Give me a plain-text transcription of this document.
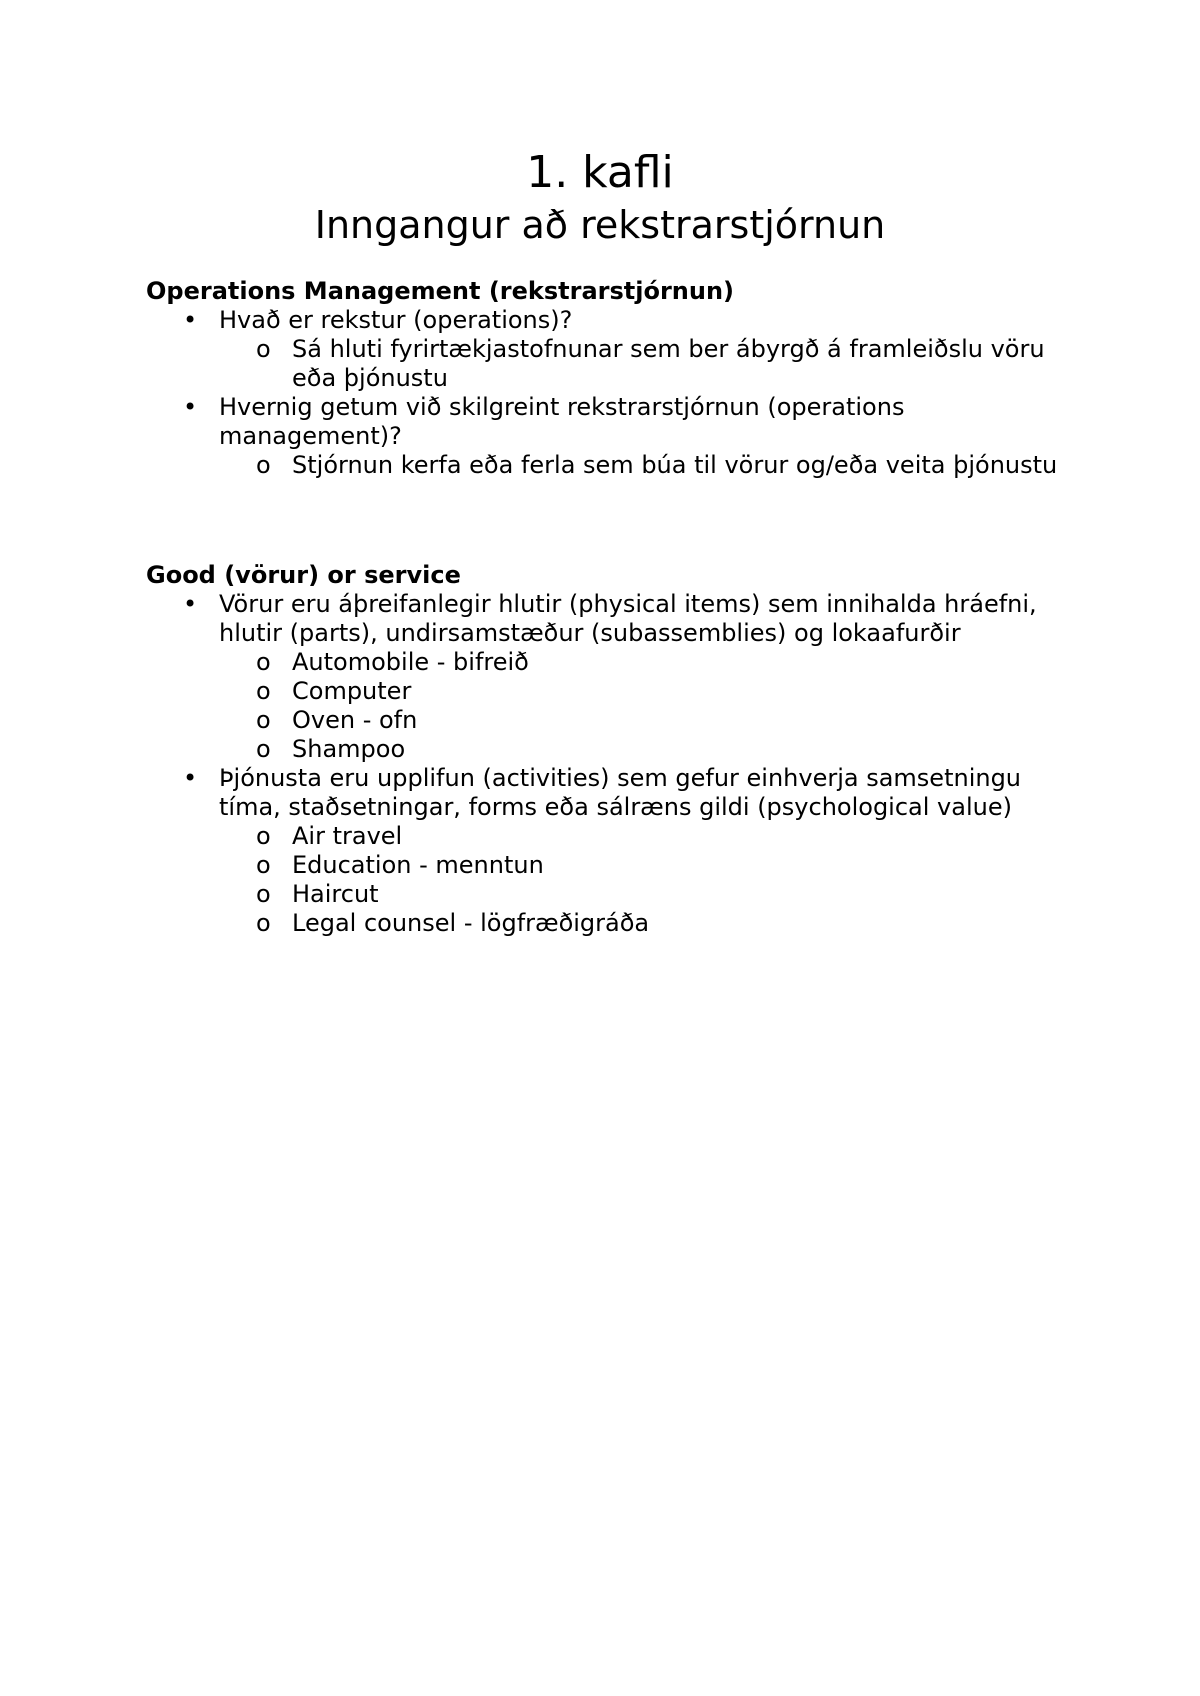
1. kafli
Inngangur að rekstrarstjórnun

Operations Management (rekstrarstjórnun)

• Hvað er rekstur (operations)?
o Sá hluti fyrirtækjastofnunar sem ber ábyrgð á framleiðslu vöru eða þjónustu
• Hvernig getum við skilgreint rekstrarstjórnun (operations management)?
o Stjórnun kerfa eða ferla sem búa til vörur og/eða veita þjónustu

Good (vörur) or service

• Vörur eru áþreifanlegir hlutir (physical items) sem innihalda hráefni, hlutir (parts), undirsamstæður (subassemblies) og lokaafurðir
o Automobile - bifreið
o Computer
o Oven - ofn
o Shampoo
• Þjónusta eru upplifun (activities) sem gefur einhverja samsetningu tíma, staðsetningar, forms eða sálræns gildi (psychological value)
o Air travel
o Education - menntun
o Haircut
o Legal counsel - lögfræðigráða
